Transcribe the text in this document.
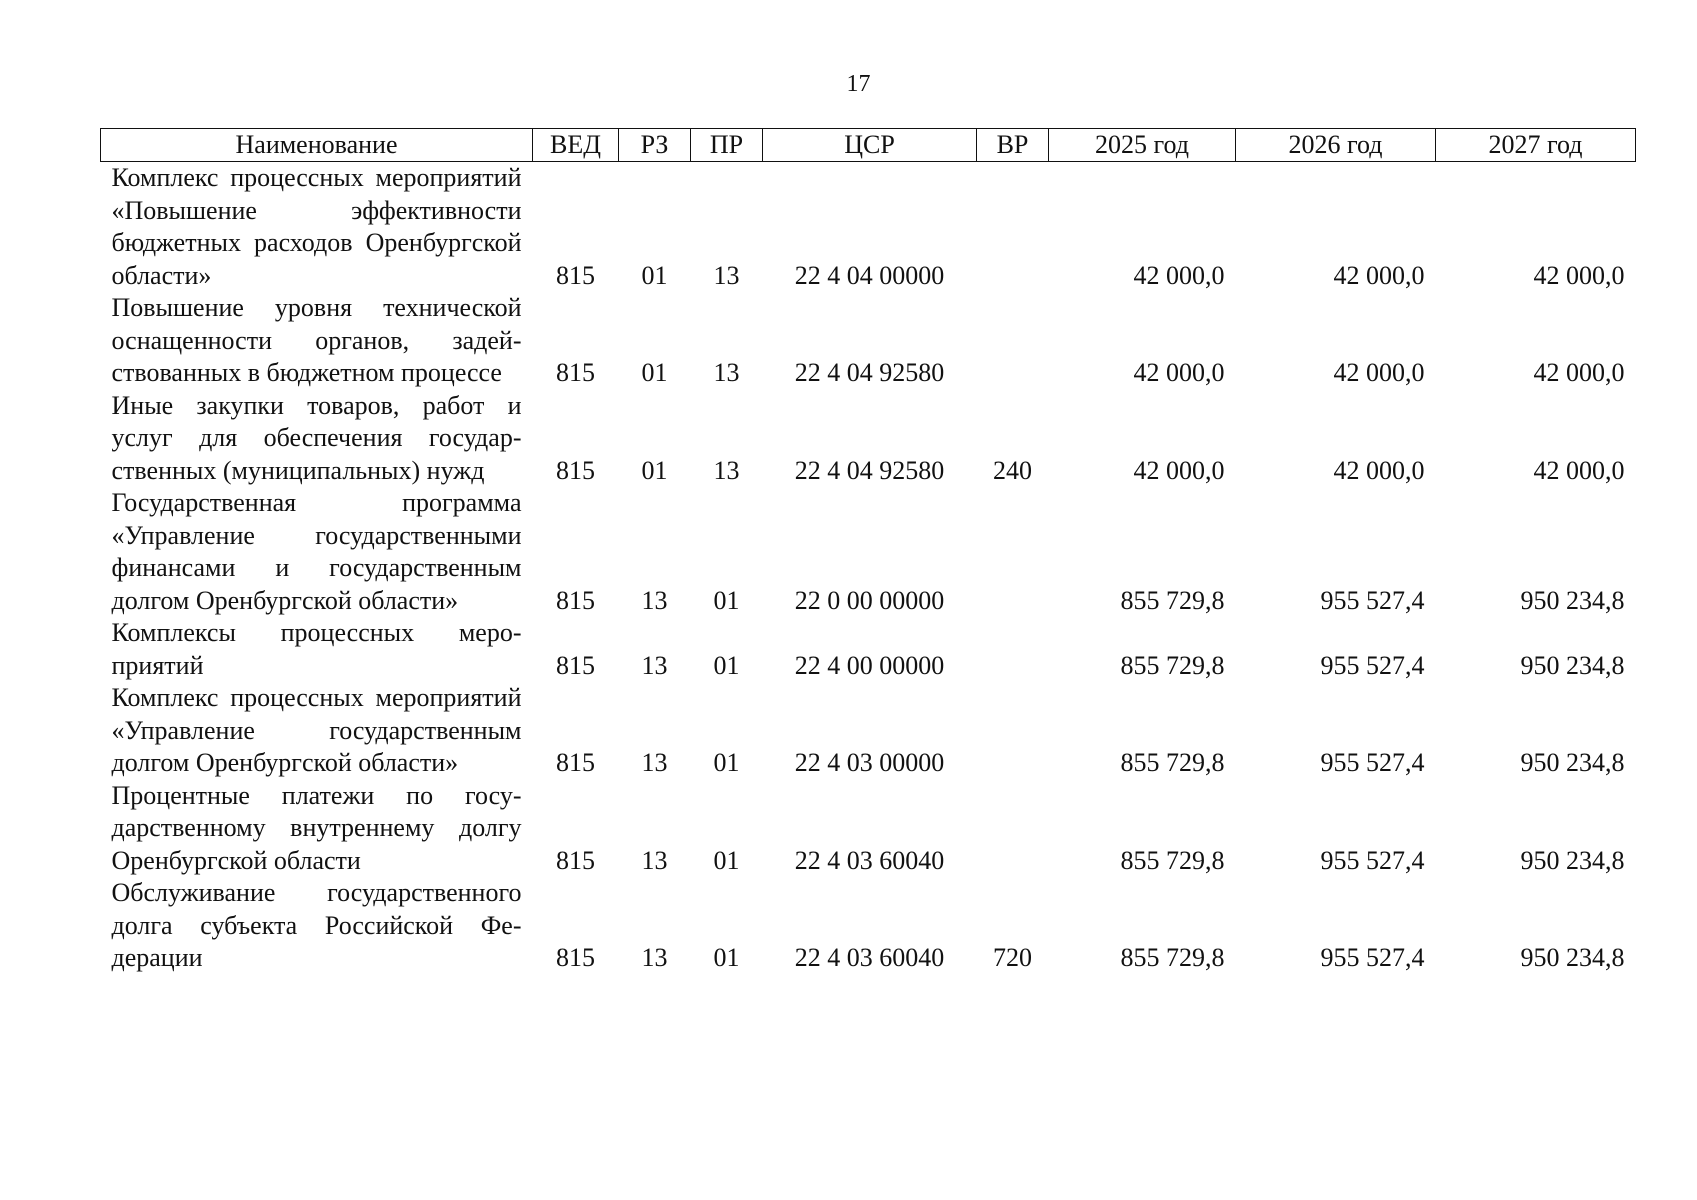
17
Наименование	ВЕД	РЗ	ПР	ЦСР	ВР	2025 год	2026 год	2027 год
Комплекс процессных мероприятий «Повышение эффективности бюджетных расходов Оренбургской области»	815	01	13	22 4 04 00000		42 000,0	42 000,0	42 000,0
Повышение уровня технической оснащенности органов, задействованных в бюджетном процессе	815	01	13	22 4 04 92580		42 000,0	42 000,0	42 000,0
Иные закупки товаров, работ и услуг для обеспечения государственных (муниципальных) нужд	815	01	13	22 4 04 92580	240	42 000,0	42 000,0	42 000,0
Государственная программа «Управление государственными финансами и государственным долгом Оренбургской области»	815	13	01	22 0 00 00000		855 729,8	955 527,4	950 234,8
Комплексы процессных мероприятий	815	13	01	22 4 00 00000		855 729,8	955 527,4	950 234,8
Комплекс процессных мероприятий «Управление государственным долгом Оренбургской области»	815	13	01	22 4 03 00000		855 729,8	955 527,4	950 234,8
Процентные платежи по государственному внутреннему долгу Оренбургской области	815	13	01	22 4 03 60040		855 729,8	955 527,4	950 234,8
Обслуживание государственного долга субъекта Российской Федерации	815	13	01	22 4 03 60040	720	855 729,8	955 527,4	950 234,8
